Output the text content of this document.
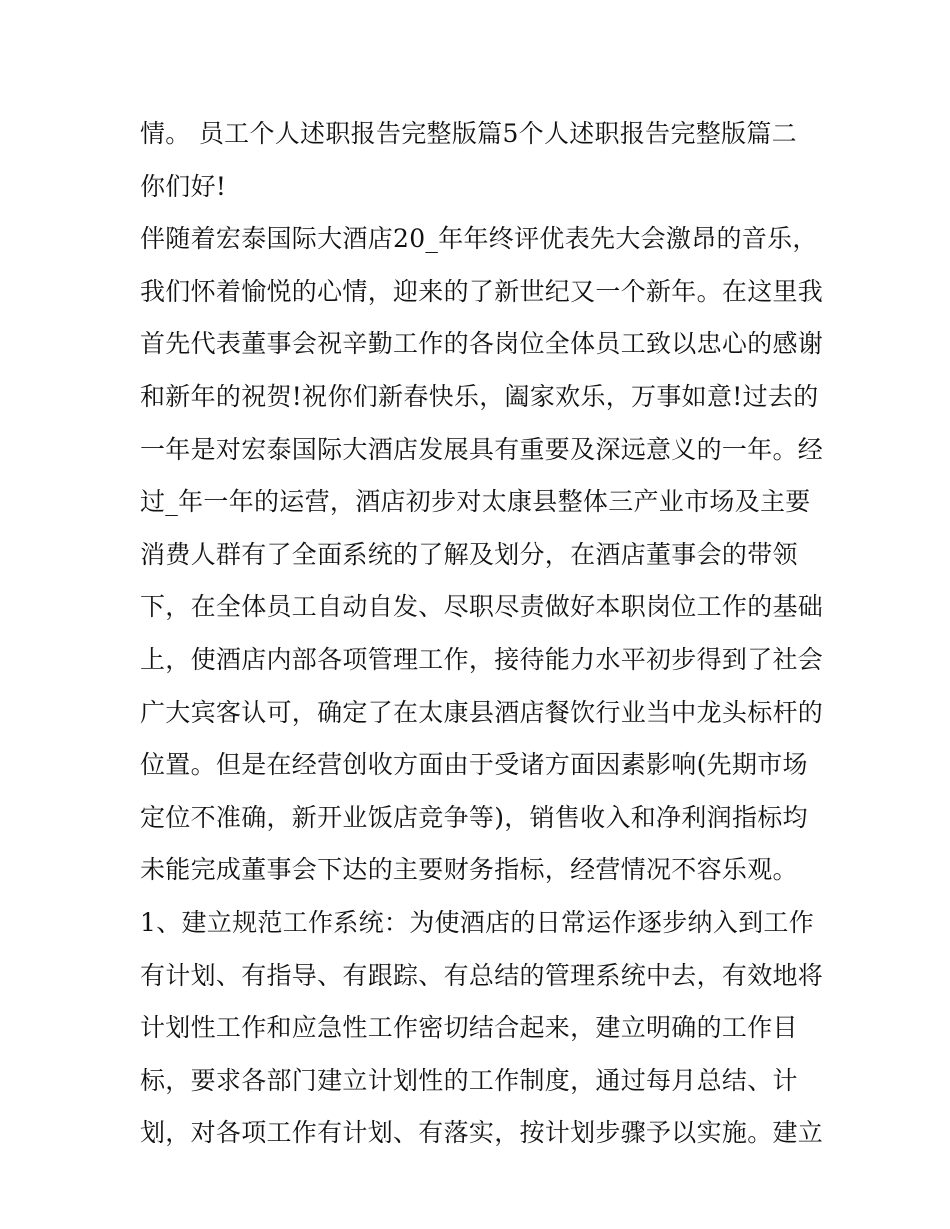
情。 员工个人述职报告完整版篇5个人述职报告完整版篇二
你们好!
伴随着宏泰国际大酒店20_年年终评优表先大会激昂的音乐，
我们怀着愉悦的心情，迎来的了新世纪又一个新年。在这里我
首先代表董事会祝辛勤工作的各岗位全体员工致以忠心的感谢
和新年的祝贺!祝你们新春快乐，阖家欢乐，万事如意!过去的
一年是对宏泰国际大酒店发展具有重要及深远意义的一年。经
过_年一年的运营，酒店初步对太康县整体三产业市场及主要
消费人群有了全面系统的了解及划分，在酒店董事会的带领
下，在全体员工自动自发、尽职尽责做好本职岗位工作的基础
上，使酒店内部各项管理工作，接待能力水平初步得到了社会
广大宾客认可，确定了在太康县酒店餐饮行业当中龙头标杆的
位置。但是在经营创收方面由于受诸方面因素影响(先期市场
定位不准确，新开业饭店竞争等)，销售收入和净利润指标均
未能完成董事会下达的主要财务指标，经营情况不容乐观。
1、建立规范工作系统：为使酒店的日常运作逐步纳入到工作
有计划、有指导、有跟踪、有总结的管理系统中去，有效地将
计划性工作和应急性工作密切结合起来，建立明确的工作目
标，要求各部门建立计划性的工作制度，通过每月总结、计
划，对各项工作有计划、有落实，按计划步骤予以实施。建立
